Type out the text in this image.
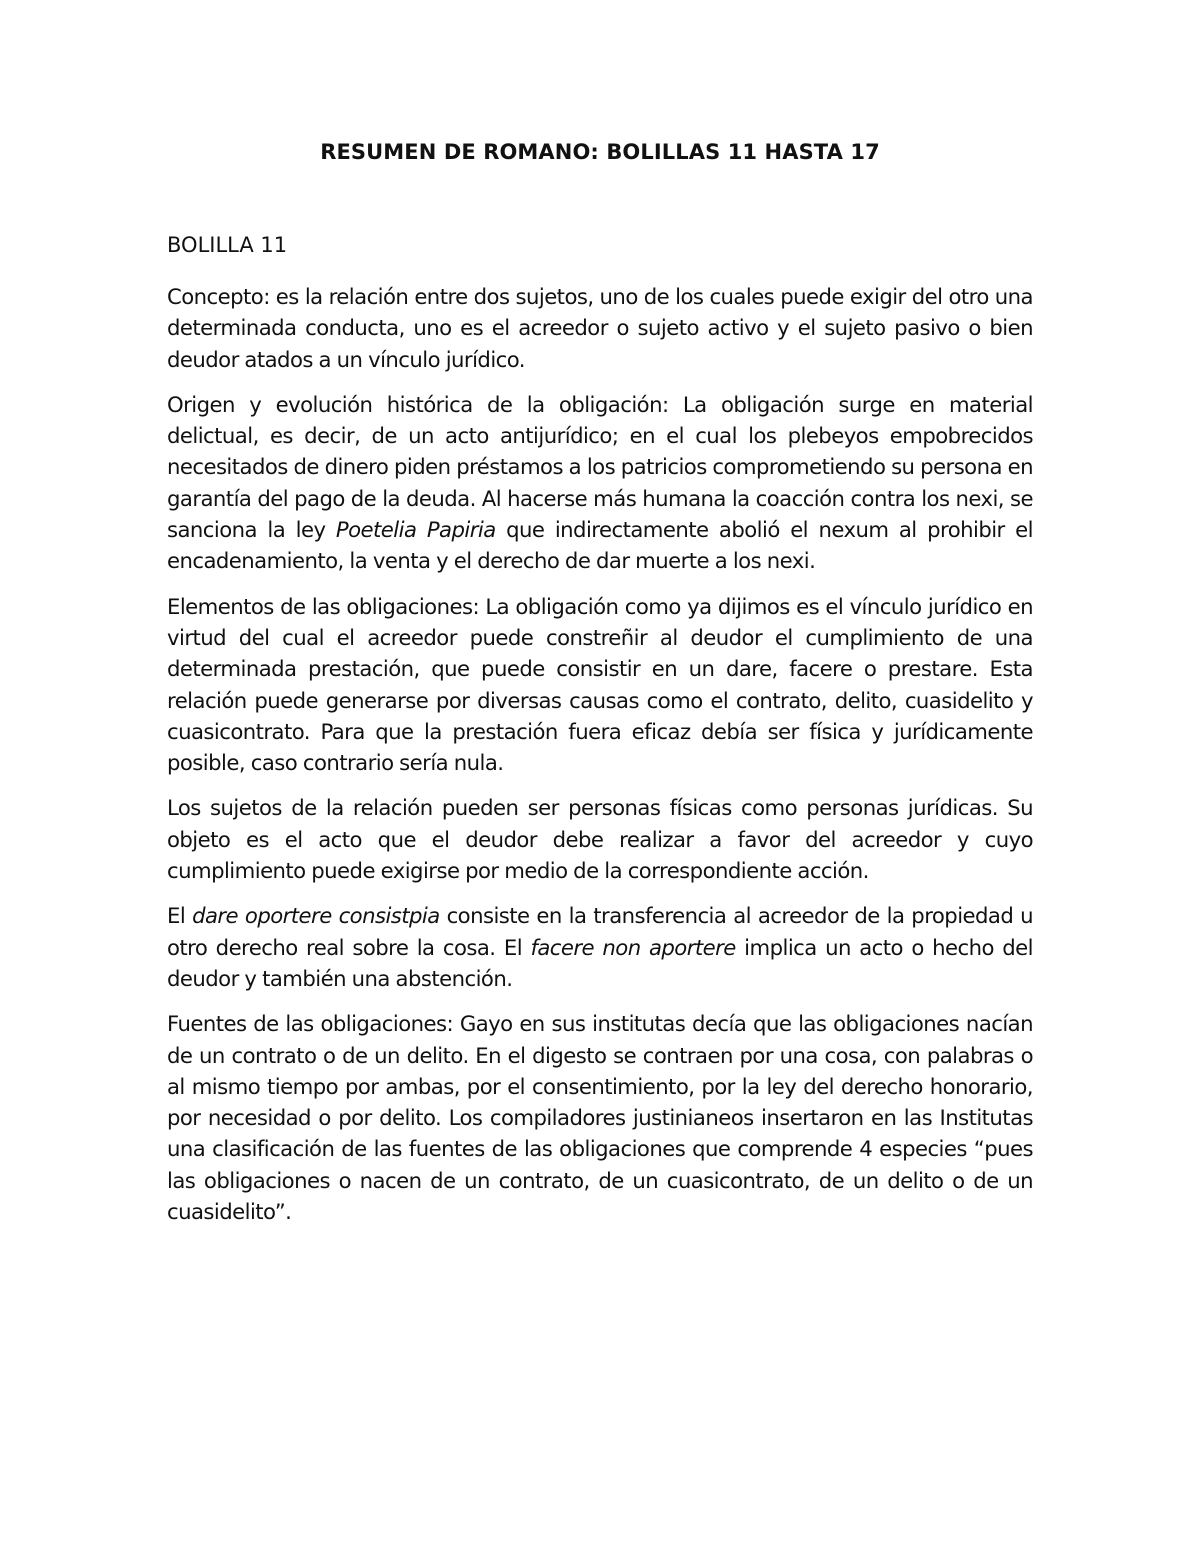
RESUMEN DE ROMANO: BOLILLAS 11 HASTA 17
BOLILLA 11

Concepto: es la relación entre dos sujetos, uno de los cuales puede exigir del otro una determinada conducta, uno es el acreedor o sujeto activo y el sujeto pasivo o bien deudor atados a un vínculo jurídico.

Origen y evolución histórica de la obligación: La obligación surge en material delictual, es decir, de un acto antijurídico; en el cual los plebeyos empobrecidos necesitados de dinero piden préstamos a los patricios comprometiendo su persona en garantía del pago de la deuda. Al hacerse más humana la coacción contra los nexi, se sanciona la ley Poetelia Papiria que indirectamente abolió el nexum al prohibir el encadenamiento, la venta y el derecho de dar muerte a los nexi.

Elementos de las obligaciones: La obligación como ya dijimos es el vínculo jurídico en virtud del cual el acreedor puede constreñir al deudor el cumplimiento de una determinada prestación, que puede consistir en un dare, facere o prestare. Esta relación puede generarse por diversas causas como el contrato, delito, cuasidelito y cuasicontrato. Para que la prestación fuera eficaz debía ser física y jurídicamente posible, caso contrario sería nula.

Los sujetos de la relación pueden ser personas físicas como personas jurídicas. Su objeto es el acto que el deudor debe realizar a favor del acreedor y cuyo cumplimiento puede exigirse por medio de la correspondiente acción.

El dare oportere consistpia consiste en la transferencia al acreedor de la propiedad u otro derecho real sobre la cosa. El facere non aportere implica un acto o hecho del deudor y también una abstención.

Fuentes de las obligaciones: Gayo en sus institutas decía que las obligaciones nacían de un contrato o de un delito. En el digesto se contraen por una cosa, con palabras o al mismo tiempo por ambas, por el consentimiento, por la ley del derecho honorario, por necesidad o por delito. Los compiladores justinianeos insertaron en las Institutas una clasificación de las fuentes de las obligaciones que comprende 4 especies “pues las obligaciones o nacen de un contrato, de un cuasicontrato, de un delito o de un cuasidelito”.
